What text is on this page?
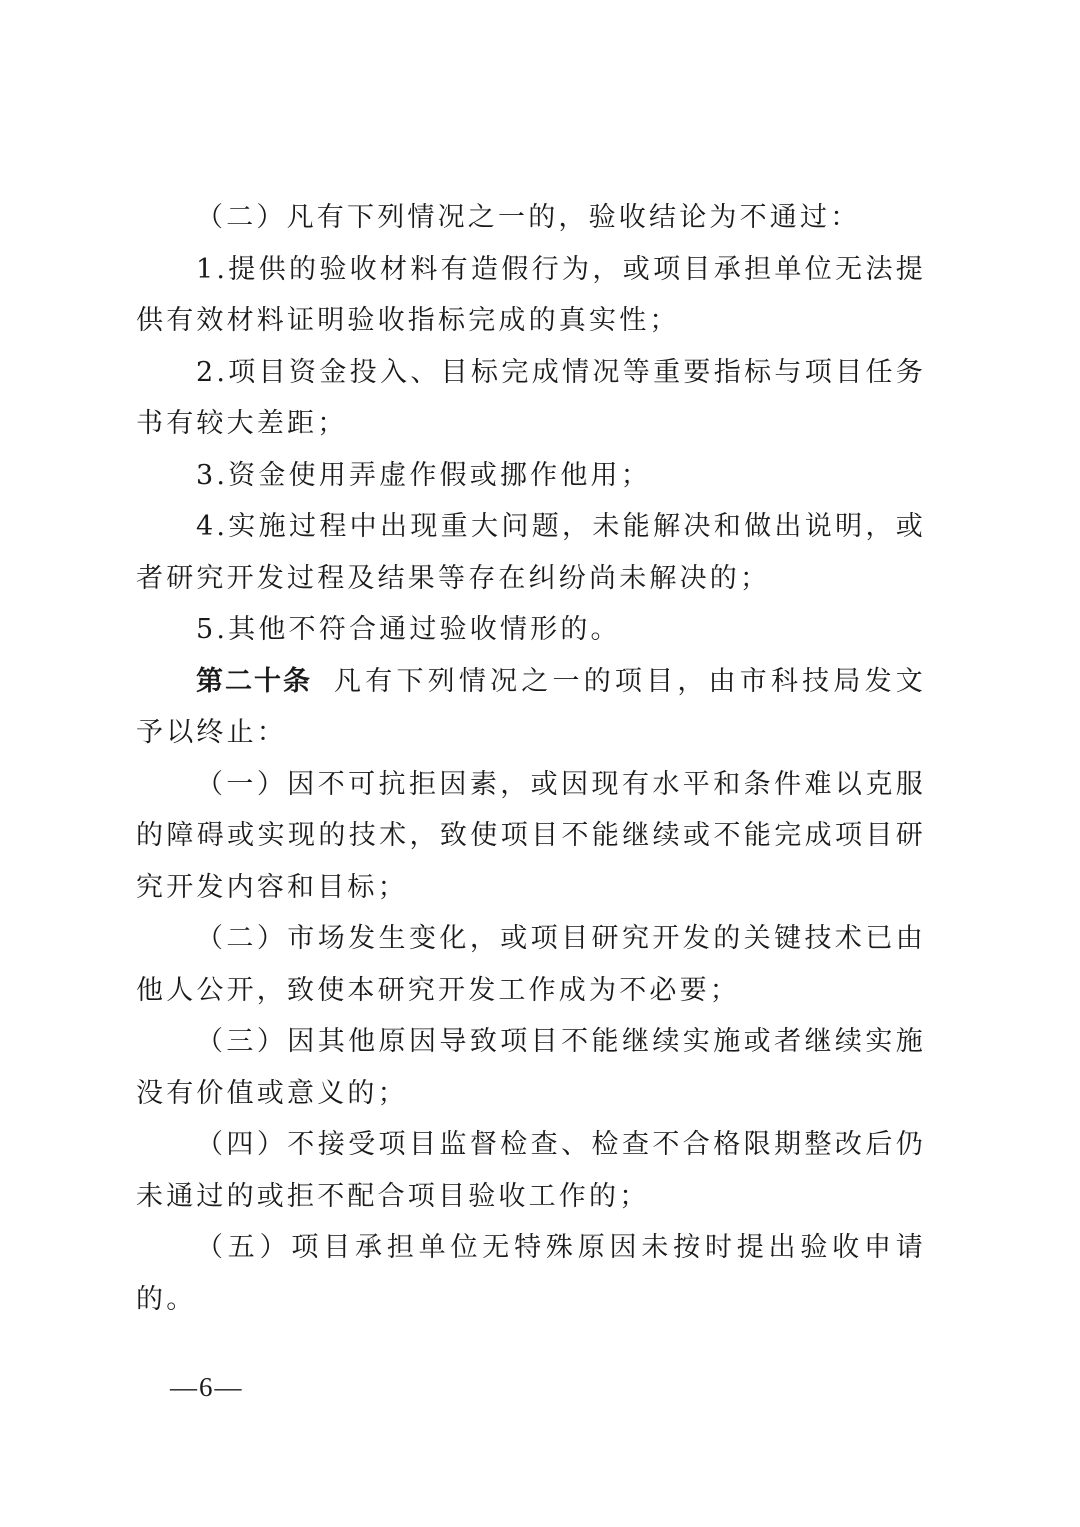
（二）凡有下列情况之一的，验收结论为不通过：

1.提供的验收材料有造假行为，或项目承担单位无法提供有效材料证明验收指标完成的真实性；

2.项目资金投入、目标完成情况等重要指标与项目任务书有较大差距；

3.资金使用弄虚作假或挪作他用；

4.实施过程中出现重大问题，未能解决和做出说明，或者研究开发过程及结果等存在纠纷尚未解决的；

5.其他不符合通过验收情形的。

第二十条 凡有下列情况之一的项目，由市科技局发文予以终止：

（一）因不可抗拒因素，或因现有水平和条件难以克服的障碍或实现的技术，致使项目不能继续或不能完成项目研究开发内容和目标；

（二）市场发生变化，或项目研究开发的关键技术已由他人公开，致使本研究开发工作成为不必要；

（三）因其他原因导致项目不能继续实施或者继续实施没有价值或意义的；

（四）不接受项目监督检查、检查不合格限期整改后仍未通过的或拒不配合项目验收工作的；

（五）项目承担单位无特殊原因未按时提出验收申请的。

—6—
